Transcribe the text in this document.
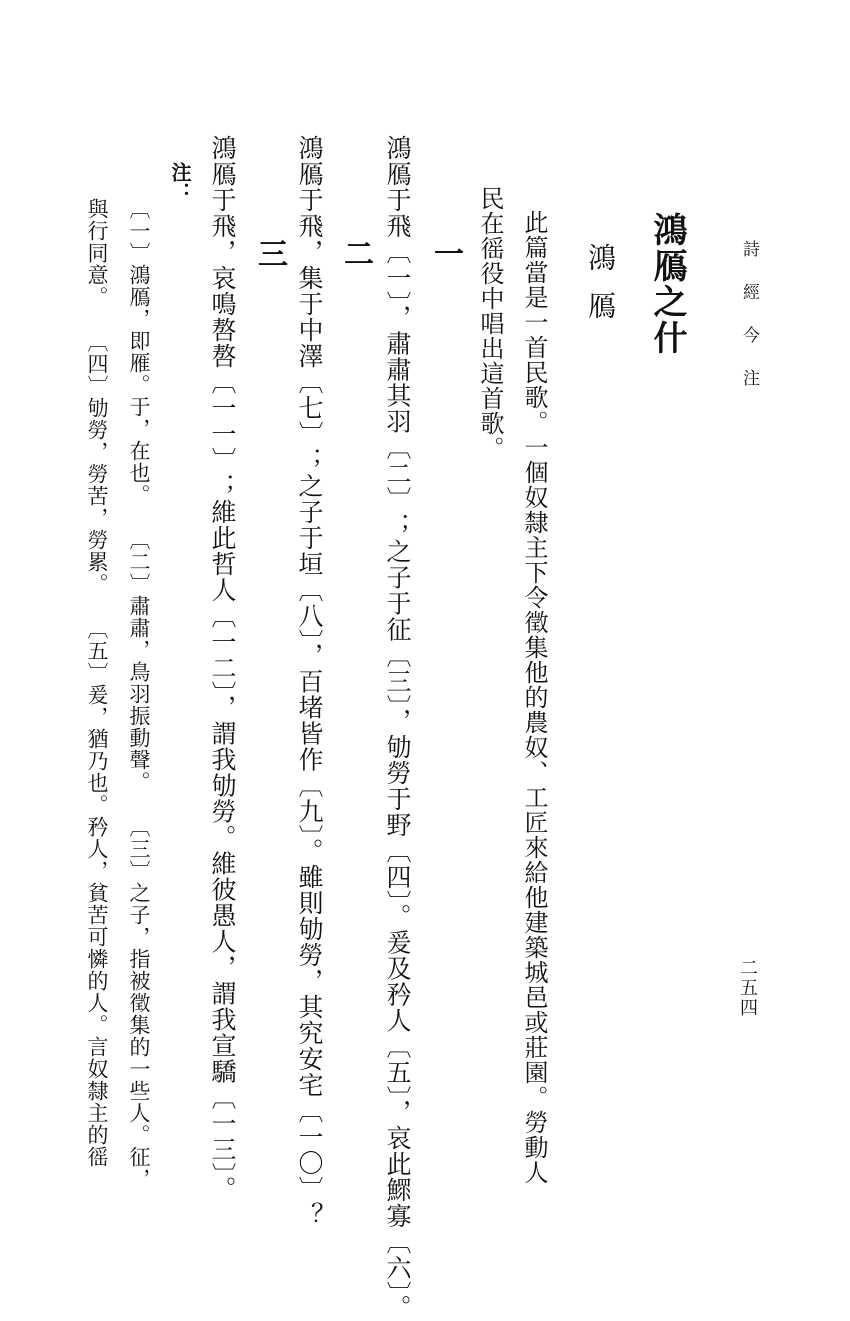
詩經今注
二五四
鴻鴈之什
鴻鴈
此篇當是一首民歌。一個奴隸主下令徵集他的農奴、工匠來給他建築城邑或莊園。勞動人
民在徭役中唱出這首歌。
一
鴻鴈于飛〔一〕，肅肅其羽〔二〕；之子于征〔三〕，劬勞于野〔四〕。爰及矜人〔五〕，哀此鰥寡〔六〕。
二
鴻鴈于飛，集于中澤〔七〕；之子于垣〔八〕，百堵皆作〔九〕。雖則劬勞，其究安宅〔一〇〕？
三
鴻鴈于飛，哀鳴嗸嗸〔一一〕；維此哲人〔一二〕，謂我劬勞。維彼愚人，謂我宣驕〔一三〕。
注：
〔一〕鴻鴈，即雁。于，在也。　　〔二〕肅肅，鳥羽振動聲。　　〔三〕之子，指被徵集的一些人。征，
與行同意。　　〔四〕劬勞，勞苦，勞累。　　〔五〕爰，猶乃也。矜人，貧苦可憐的人。言奴隸主的徭
